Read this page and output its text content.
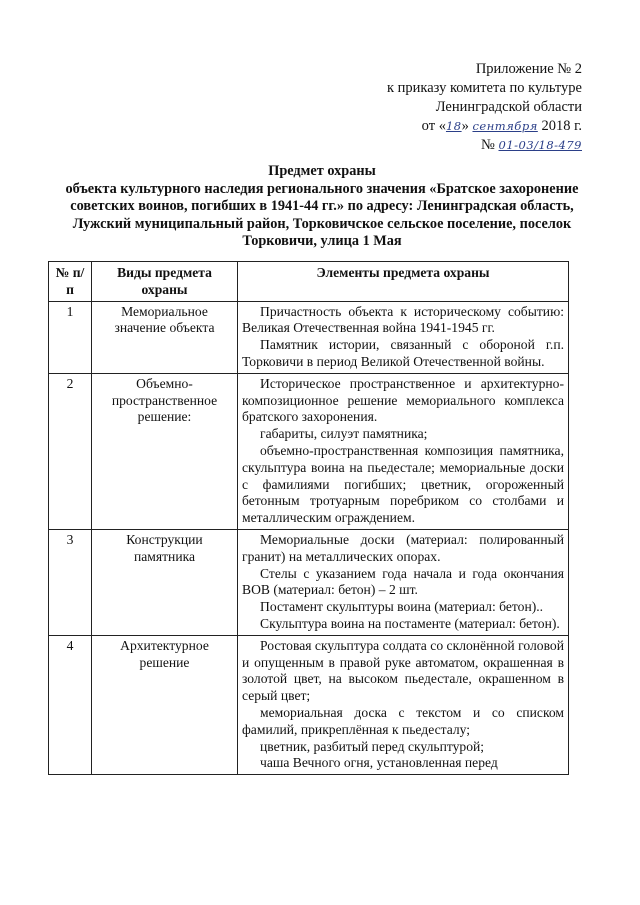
Приложение № 2
к приказу комитета по культуре
Ленинградской области
от «18» сентября 2018 г.
№ 01-03/18-479
Предмет охраны
объекта культурного наследия регионального значения «Братское захоронение
советских воинов, погибших в 1941-44 гг.» по адресу: Ленинградская область,
Лужский муниципальный район, Торковичское сельское поселение, поселок
Торковичи, улица 1 Мая
№ п/п	Виды предмета охраны	Элементы предмета охраны
1	Мемориальное значение объекта	Причастность объекта к историческому событию: Великая Отечественная война 1941-1945 гг.

Памятник истории, связанный с обороной г.п. Торковичи в период Великой Отечественной войны.

2	Объемно-пространственное решение:	Историческое пространственное и архитектурно-композиционное решение мемориального комплекса братского захоронения.

габариты, силуэт памятника;

объемно-пространственная композиция памятника, скульптура воина на пьедестале; мемориальные доски с фамилиями погибших; цветник, огороженный бетонным тротуарным поребриком со столбами и металлическим ограждением.

3	Конструкции памятника	Мемориальные доски (материал: полированный гранит) на металлических опорах.

Стелы с указанием года начала и года окончания ВОВ (материал: бетон) – 2 шт.

Постамент скульптуры воина (материал: бетон)..

Скульптура воина на постаменте (материал: бетон).

4	Архитектурное решение	Ростовая скульптура солдата со склонённой головой и опущенным в правой руке автоматом, окрашенная в золотой цвет, на высоком пьедестале, окрашенном в серый цвет;

мемориальная доска с текстом и со списком фамилий, прикреплённая к пьедесталу;

цветник, разбитый перед скульптурой;

чаша Вечного огня, установленная перед
